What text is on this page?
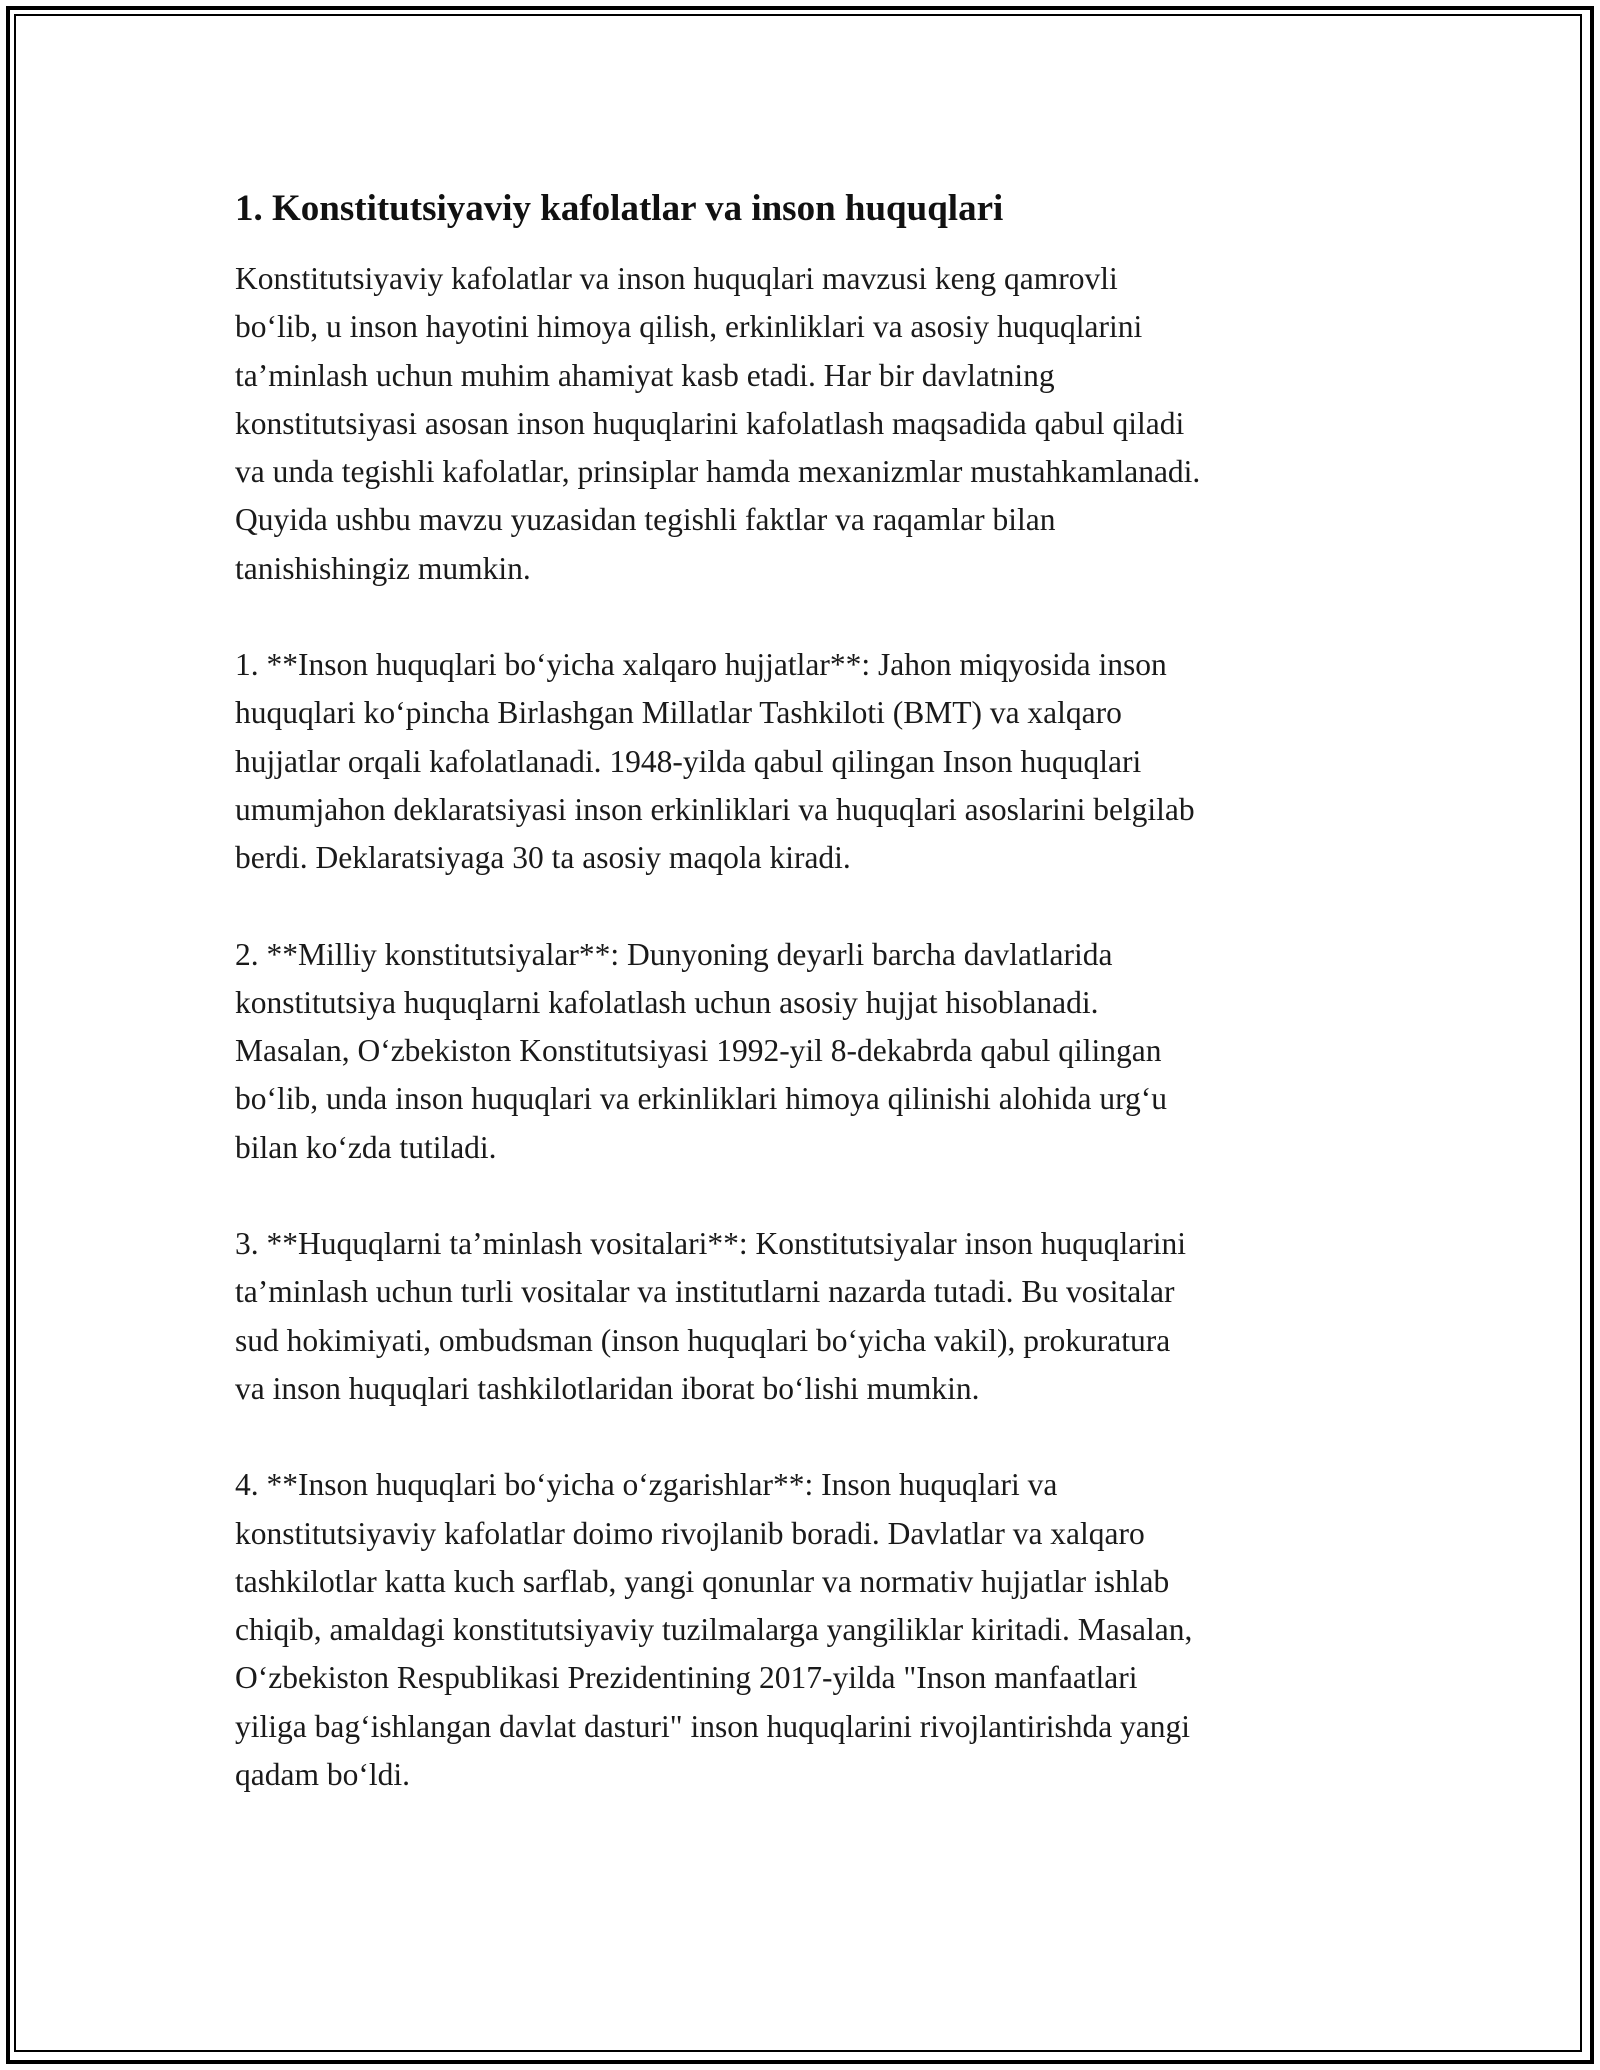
1. Konstitutsiyaviy kafolatlar va inson huquqlari

Konstitutsiyaviy kafolatlar va inson huquqlari mavzusi keng qamrovli
bo‘lib, u inson hayotini himoya qilish, erkinliklari va asosiy huquqlarini
ta’minlash uchun muhim ahamiyat kasb etadi. Har bir davlatning
konstitutsiyasi asosan inson huquqlarini kafolatlash maqsadida qabul qiladi
va unda tegishli kafolatlar, prinsiplar hamda mexanizmlar mustahkamlanadi.
Quyida ushbu mavzu yuzasidan tegishli faktlar va raqamlar bilan
tanishishingiz mumkin.

1. **Inson huquqlari bo‘yicha xalqaro hujjatlar**: Jahon miqyosida inson
huquqlari ko‘pincha Birlashgan Millatlar Tashkiloti (BMT) va xalqaro
hujjatlar orqali kafolatlanadi. 1948-yilda qabul qilingan Inson huquqlari
umumjahon deklaratsiyasi inson erkinliklari va huquqlari asoslarini belgilab
berdi. Deklaratsiyaga 30 ta asosiy maqola kiradi.

2. **Milliy konstitutsiyalar**: Dunyoning deyarli barcha davlatlarida
konstitutsiya huquqlarni kafolatlash uchun asosiy hujjat hisoblanadi.
Masalan, O‘zbekiston Konstitutsiyasi 1992-yil 8-dekabrda qabul qilingan
bo‘lib, unda inson huquqlari va erkinliklari himoya qilinishi alohida urg‘u
bilan ko‘zda tutiladi.

3. **Huquqlarni ta’minlash vositalari**: Konstitutsiyalar inson huquqlarini
ta’minlash uchun turli vositalar va institutlarni nazarda tutadi. Bu vositalar
sud hokimiyati, ombudsman (inson huquqlari bo‘yicha vakil), prokuratura
va inson huquqlari tashkilotlaridan iborat bo‘lishi mumkin.

4. **Inson huquqlari bo‘yicha o‘zgarishlar**: Inson huquqlari va
konstitutsiyaviy kafolatlar doimo rivojlanib boradi. Davlatlar va xalqaro
tashkilotlar katta kuch sarflab, yangi qonunlar va normativ hujjatlar ishlab
chiqib, amaldagi konstitutsiyaviy tuzilmalarga yangiliklar kiritadi. Masalan,
O‘zbekiston Respublikasi Prezidentining 2017-yilda "Inson manfaatlari
yiliga bag‘ishlangan davlat dasturi" inson huquqlarini rivojlantirishda yangi
qadam bo‘ldi.
